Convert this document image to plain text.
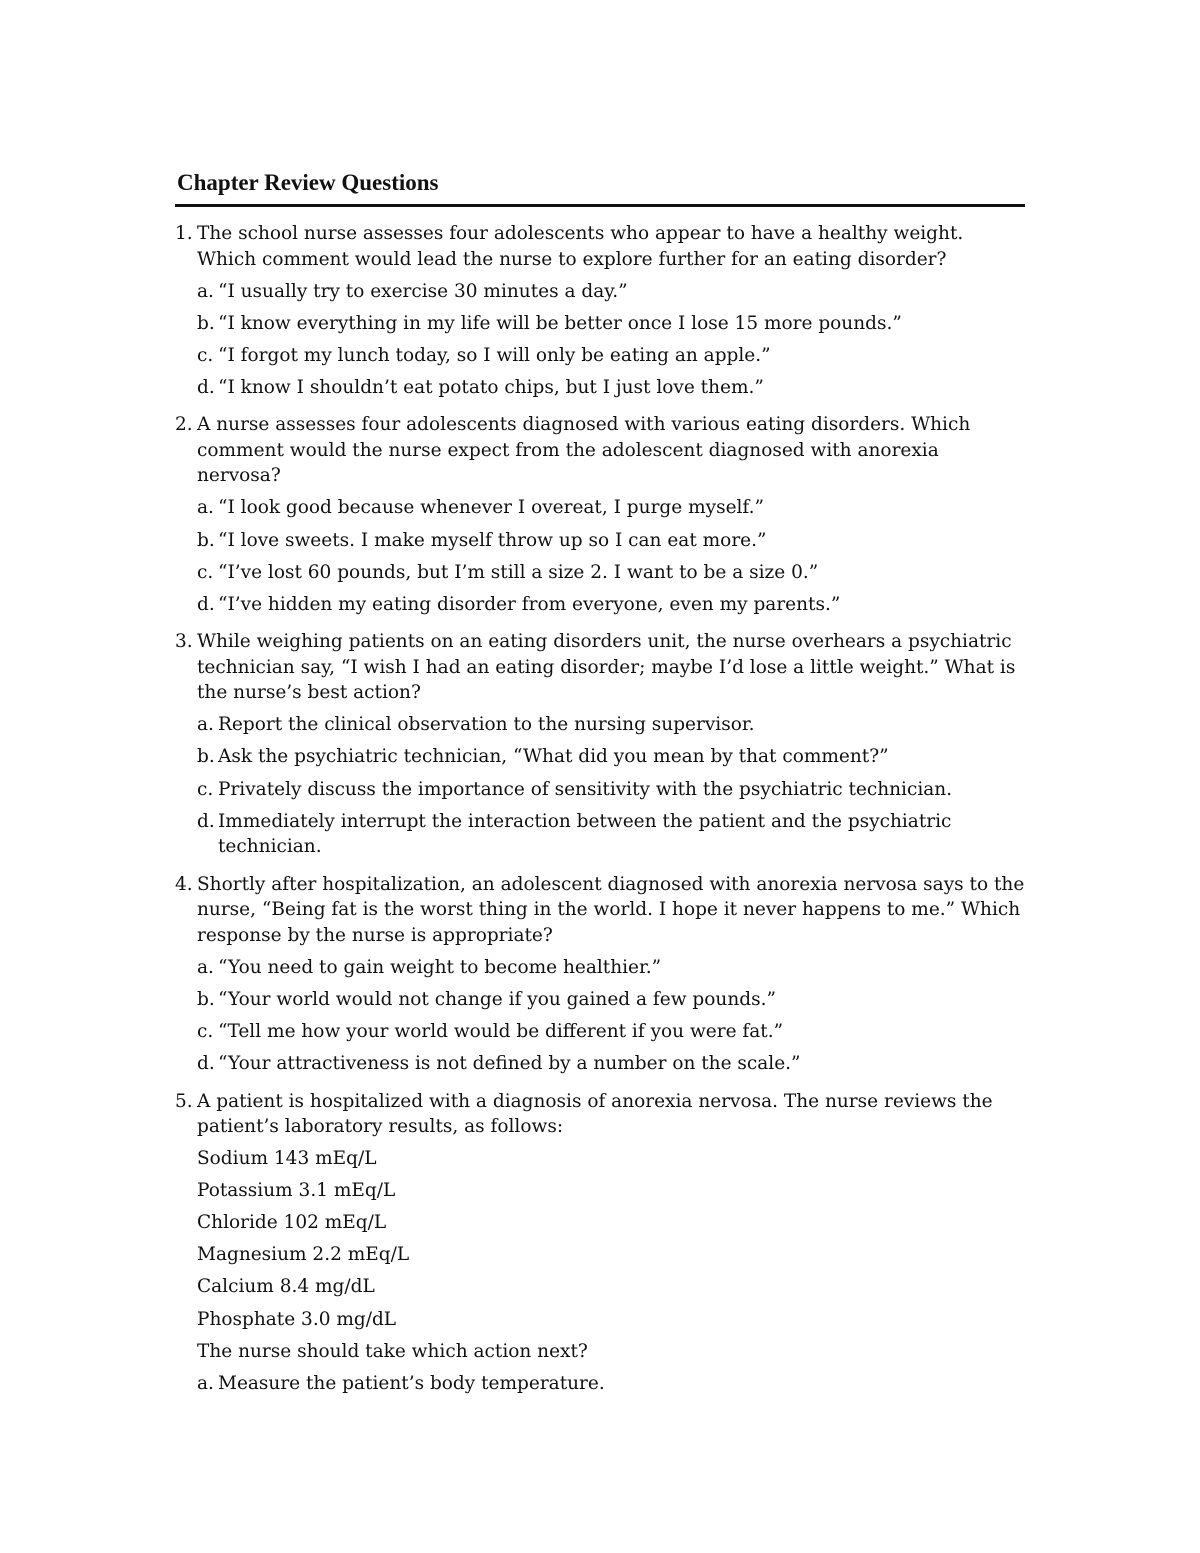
Chapter Review Questions
1. The school nurse assesses four adolescents who appear to have a healthy weight. Which comment would lead the nurse to explore further for an eating disorder?
a. “I usually try to exercise 30 minutes a day.”
b. “I know everything in my life will be better once I lose 15 more pounds.”
c. “I forgot my lunch today, so I will only be eating an apple.”
d. “I know I shouldn’t eat potato chips, but I just love them.”
2. A nurse assesses four adolescents diagnosed with various eating disorders. Which comment would the nurse expect from the adolescent diagnosed with anorexia nervosa?
a. “I look good because whenever I overeat, I purge myself.”
b. “I love sweets. I make myself throw up so I can eat more.”
c. “I’ve lost 60 pounds, but I’m still a size 2. I want to be a size 0.”
d. “I’ve hidden my eating disorder from everyone, even my parents.”
3. While weighing patients on an eating disorders unit, the nurse overhears a psychiatric technician say, “I wish I had an eating disorder; maybe I’d lose a little weight.” What is the nurse’s best action?
a. Report the clinical observation to the nursing supervisor.
b. Ask the psychiatric technician, “What did you mean by that comment?”
c. Privately discuss the importance of sensitivity with the psychiatric technician.
d. Immediately interrupt the interaction between the patient and the psychiatric technician.
4. Shortly after hospitalization, an adolescent diagnosed with anorexia nervosa says to the nurse, “Being fat is the worst thing in the world. I hope it never happens to me.” Which response by the nurse is appropriate?
a. “You need to gain weight to become healthier.”
b. “Your world would not change if you gained a few pounds.”
c. “Tell me how your world would be different if you were fat.”
d. “Your attractiveness is not defined by a number on the scale.”
5. A patient is hospitalized with a diagnosis of anorexia nervosa. The nurse reviews the patient’s laboratory results, as follows:
Sodium 143 mEq/L
Potassium 3.1 mEq/L
Chloride 102 mEq/L
Magnesium 2.2 mEq/L
Calcium 8.4 mg/dL
Phosphate 3.0 mg/dL
The nurse should take which action next?
a. Measure the patient’s body temperature.
